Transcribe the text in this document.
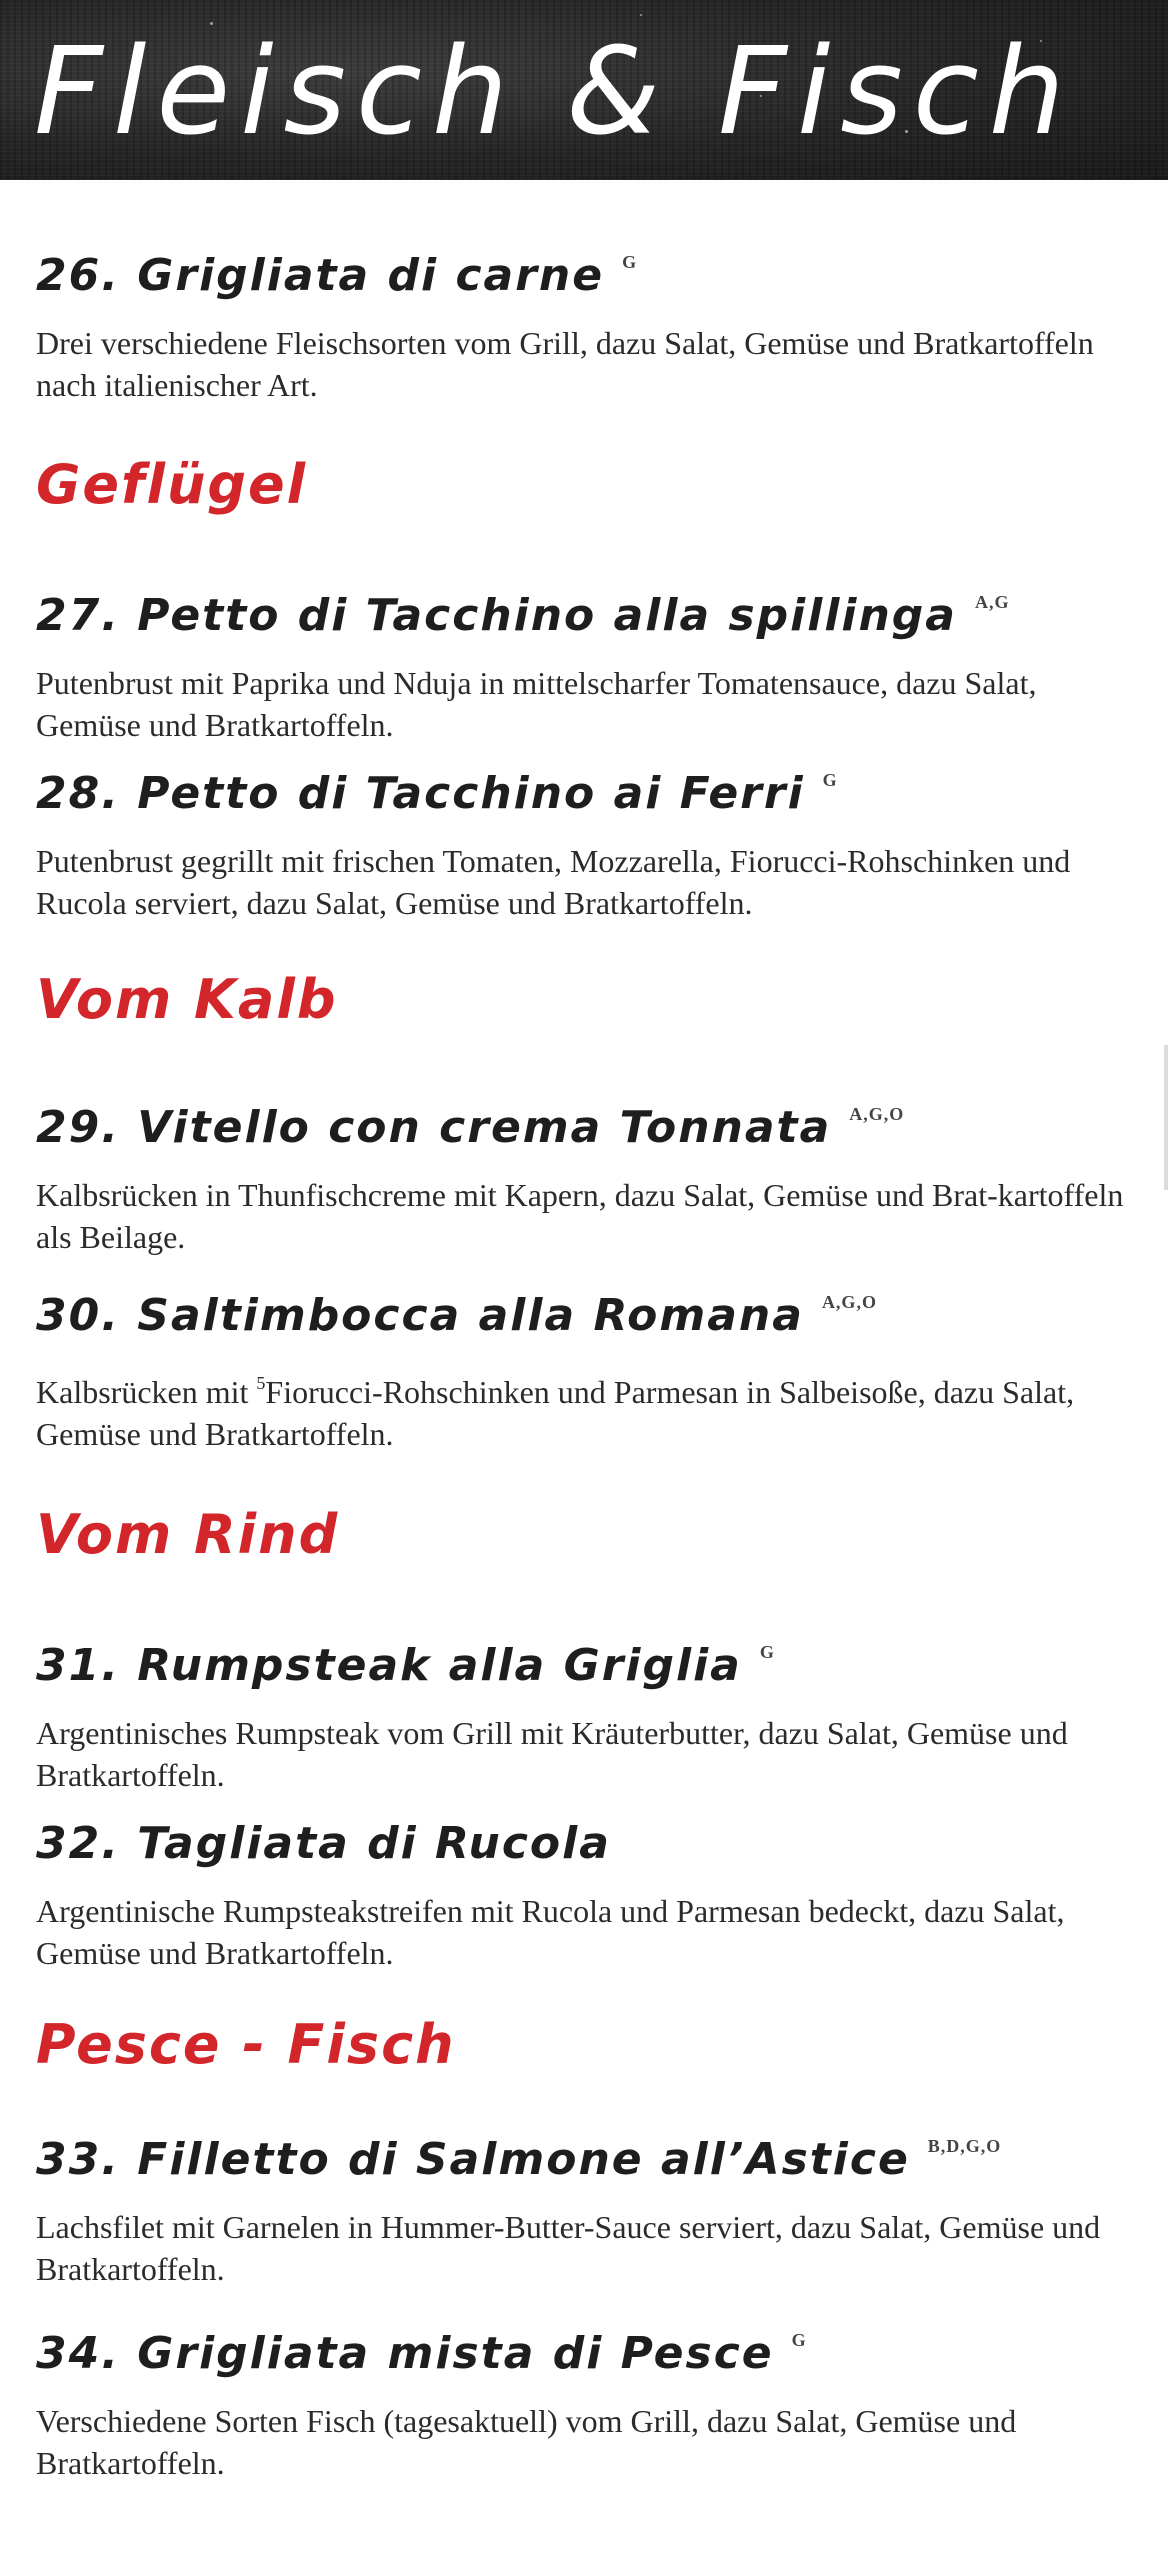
Fleisch & Fisch
26. Grigliata di carne $^G$

Drei verschiedene Fleischsorten vom Grill, dazu Salat, Gemüse und Bratkartoffeln nach italienischer Art.

Geflügel
27. Petto di Tacchino alla spillinga $^{A,G}$

Putenbrust mit Paprika und Nduja in mittelscharfer Tomatensauce, dazu Salat, Gemüse und Bratkartoffeln.

28. Petto di Tacchino ai Ferri $^G$

Putenbrust gegrillt mit frischen Tomaten, Mozzarella, Fiorucci-Rohschinken und Rucola serviert, dazu Salat, Gemüse und Bratkartoffeln.

Vom Kalb
29. Vitello con crema Tonnata $^{A,G,O}$

Kalbsrücken in Thunfischcreme mit Kapern, dazu Salat, Gemüse und Brat-kartoffeln als Beilage.

30. Saltimbocca alla Romana $^{A,G,O}$

Kalbsrücken mit $^5$Fiorucci-Rohschinken und Parmesan in Salbeisoße, dazu Salat, Gemüse und Bratkartoffeln.

Vom Rind
31. Rumpsteak alla Griglia $^G$

Argentinisches Rumpsteak vom Grill mit Kräuterbutter, dazu Salat, Gemüse und Bratkartoffeln.

32. Tagliata di Rucola

Argentinische Rumpsteakstreifen mit Rucola und Parmesan bedeckt, dazu Salat, Gemüse und Bratkartoffeln.

Pesce - Fisch
33. Filletto di Salmone all’Astice $^{B,D,G,O}$

Lachsfilet mit Garnelen in Hummer-Butter-Sauce serviert, dazu Salat, Gemüse und Bratkartoffeln.

34. Grigliata mista di Pesce $^G$

Verschiedene Sorten Fisch (tagesaktuell) vom Grill, dazu Salat, Gemüse und Bratkartoffeln.
